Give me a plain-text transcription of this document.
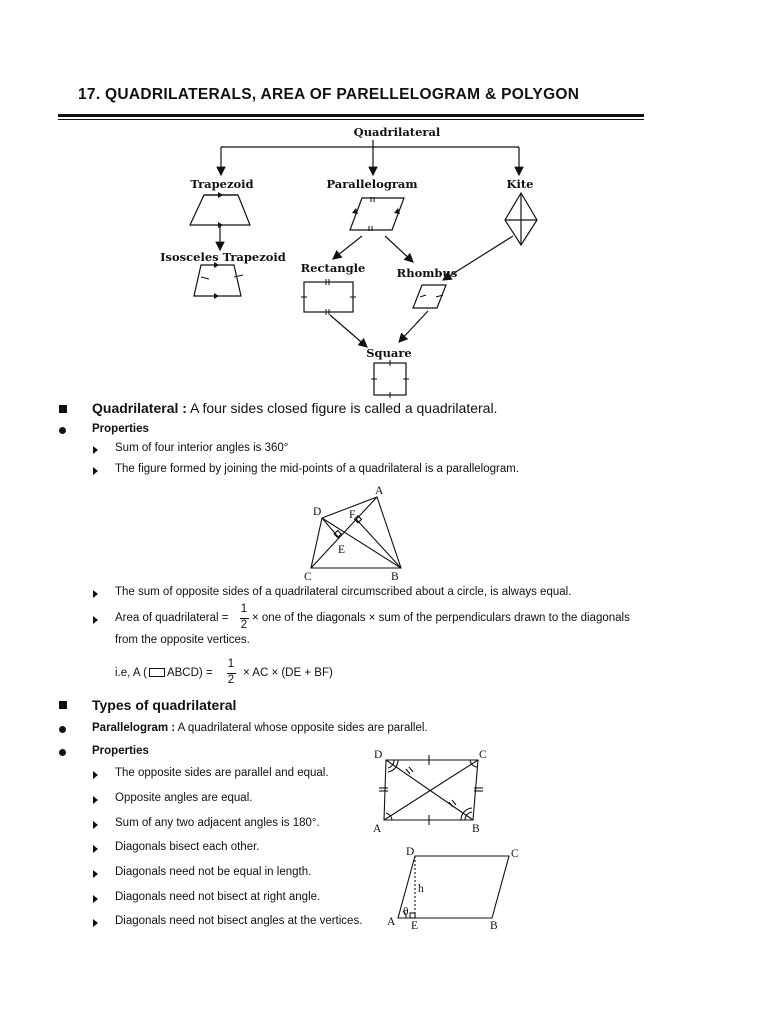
17. QUADRILATERALS, AREA OF PARELLELOGRAM & POLYGON
Quadrilateral
Trapezoid	Parallelogram	Kite
Isosceles Trapezoid
Rectangle	Rhombus
Square
A
D F
E
C	B
D	C
A	B
D	C
h
θ
A E	B
Quadrilateral : A four sides closed figure is called a quadrilateral.
Properties
Sum of four interior angles is 360°
The figure formed by joining the mid-points of a quadrilateral is a parallelogram.
The sum of opposite sides of a quadrilateral circumscribed about a circle, is always equal.
Area of quadrilateral =
1
2
× one of the diagonals × sum of the perpendiculars drawn to the diagonals
from the opposite vertices.
i.e, A ( ABCD) =
1
2
× AC × (DE + BF)
Types of quadrilateral
Parallelogram : A quadrilateral whose opposite sides are parallel.
Properties
The opposite sides are parallel and equal.
Opposite angles are equal.
Sum of any two adjacent angles is 180°.
Diagonals bisect each other.
Diagonals need not be equal in length.
Diagonals need not bisect at right angle.
Diagonals need not bisect angles at the vertices.
